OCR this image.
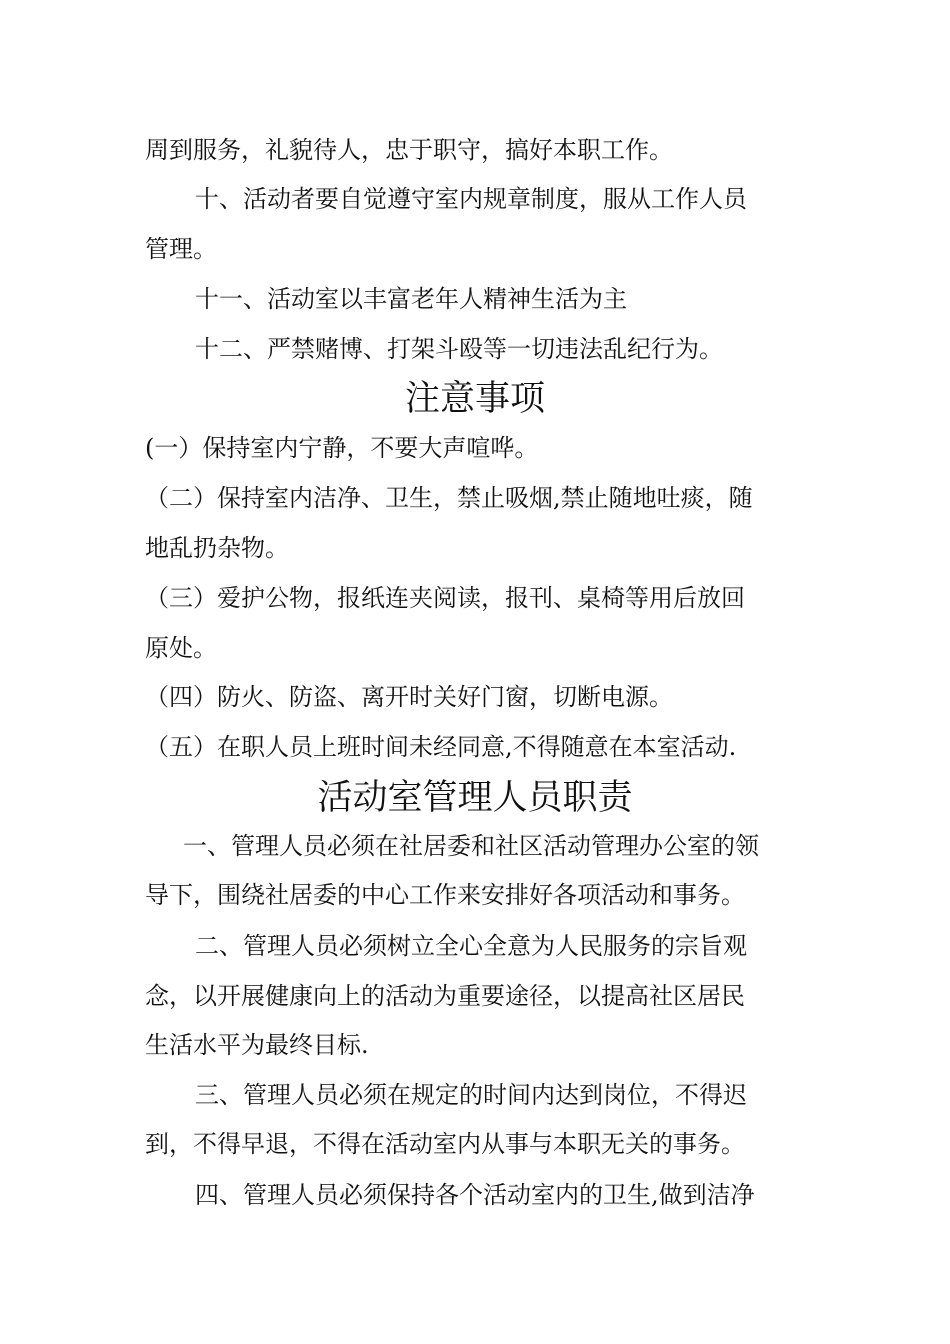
周到服务，礼貌待人，忠于职守，搞好本职工作。
十、活动者要自觉遵守室内规章制度，服从工作人员
管理。
十一、活动室以丰富老年人精神生活为主
十二、严禁赌博、打架斗殴等一切违法乱纪行为。
注意事项
(一）保持室内宁静，不要大声喧哗。
（二）保持室内洁净、卫生，禁止吸烟,禁止随地吐痰，随
地乱扔杂物。
（三）爱护公物，报纸连夹阅读，报刊、桌椅等用后放回
原处。
（四）防火、防盗、离开时关好门窗，切断电源。
（五）在职人员上班时间未经同意,不得随意在本室活动.
活动室管理人员职责
一、管理人员必须在社居委和社区活动管理办公室的领
导下，围绕社居委的中心工作来安排好各项活动和事务。
二、管理人员必须树立全心全意为人民服务的宗旨观
念，以开展健康向上的活动为重要途径，以提高社区居民
生活水平为最终目标.
三、管理人员必须在规定的时间内达到岗位，不得迟
到，不得早退，不得在活动室内从事与本职无关的事务。
四、管理人员必须保持各个活动室内的卫生,做到洁净
